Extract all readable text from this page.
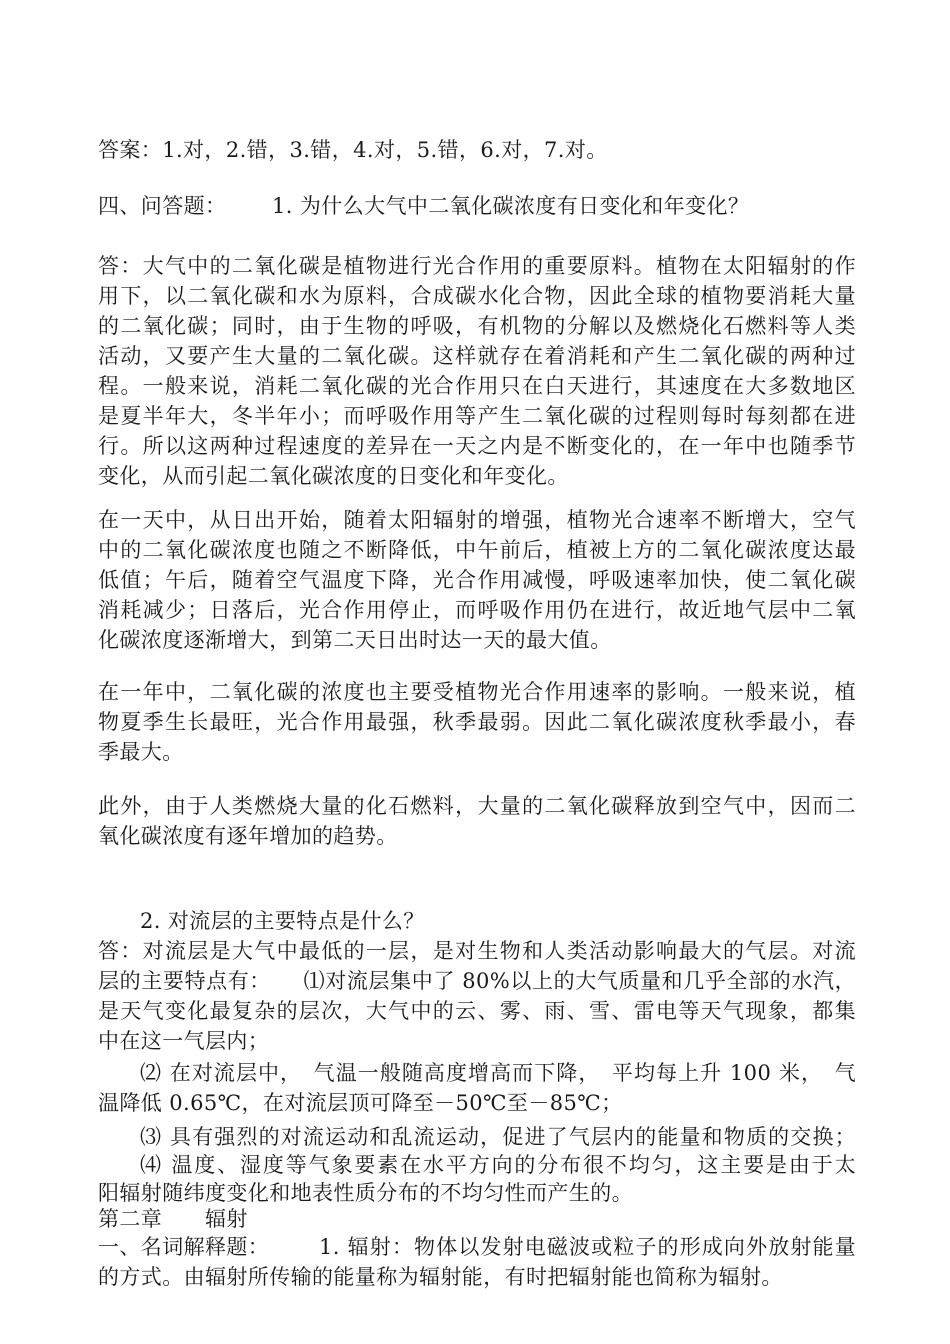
答案：1.对，2.错，3.错，4.对，5.错，6.对，7.对。
四、问答题： 1. 为什么大气中二氧化碳浓度有日变化和年变化？
答：大气中的二氧化碳是植物进行光合作用的重要原料。植物在太阳辐射的作
用下，以二氧化碳和水为原料，合成碳水化合物，因此全球的植物要消耗大量
的二氧化碳；同时，由于生物的呼吸，有机物的分解以及燃烧化石燃料等人类
活动，又要产生大量的二氧化碳。这样就存在着消耗和产生二氧化碳的两种过
程。一般来说，消耗二氧化碳的光合作用只在白天进行，其速度在大多数地区
是夏半年大，冬半年小；而呼吸作用等产生二氧化碳的过程则每时每刻都在进
行。所以这两种过程速度的差异在一天之内是不断变化的，在一年中也随季节
变化，从而引起二氧化碳浓度的日变化和年变化。
在一天中，从日出开始，随着太阳辐射的增强，植物光合速率不断增大，空气
中的二氧化碳浓度也随之不断降低，中午前后，植被上方的二氧化碳浓度达最
低值；午后，随着空气温度下降，光合作用减慢，呼吸速率加快，使二氧化碳
消耗减少；日落后，光合作用停止，而呼吸作用仍在进行，故近地气层中二氧
化碳浓度逐渐增大，到第二天日出时达一天的最大值。
在一年中，二氧化碳的浓度也主要受植物光合作用速率的影响。一般来说，植
物夏季生长最旺，光合作用最强，秋季最弱。因此二氧化碳浓度秋季最小，春
季最大。
此外，由于人类燃烧大量的化石燃料，大量的二氧化碳释放到空气中，因而二
氧化碳浓度有逐年增加的趋势。
2. 对流层的主要特点是什么？
答：对流层是大气中最低的一层，是对生物和人类活动影响最大的气层。对流
层的主要特点有：　　⑴对流层集中了 80%以上的大气质量和几乎全部的水汽，
是天气变化最复杂的层次，大气中的云、雾、雨、雪、雷电等天气现象，都集
中在这一气层内；
⑵ 在对流层中，　气温一般随高度增高而下降，　平均每上升 100 米，　气
温降低 0.65℃，在对流层顶可降至－50℃至－85℃；
⑶ 具有强烈的对流运动和乱流运动，促进了气层内的能量和物质的交换；
⑷ 温度、湿度等气象要素在水平方向的分布很不均匀，这主要是由于太
阳辐射随纬度变化和地表性质分布的不均匀性而产生的。
第二章　　辐射
一、名词解释题： 1. 辐射：物体以发射电磁波或粒子的形成向外放射能量
的方式。由辐射所传输的能量称为辐射能，有时把辐射能也简称为辐射。
